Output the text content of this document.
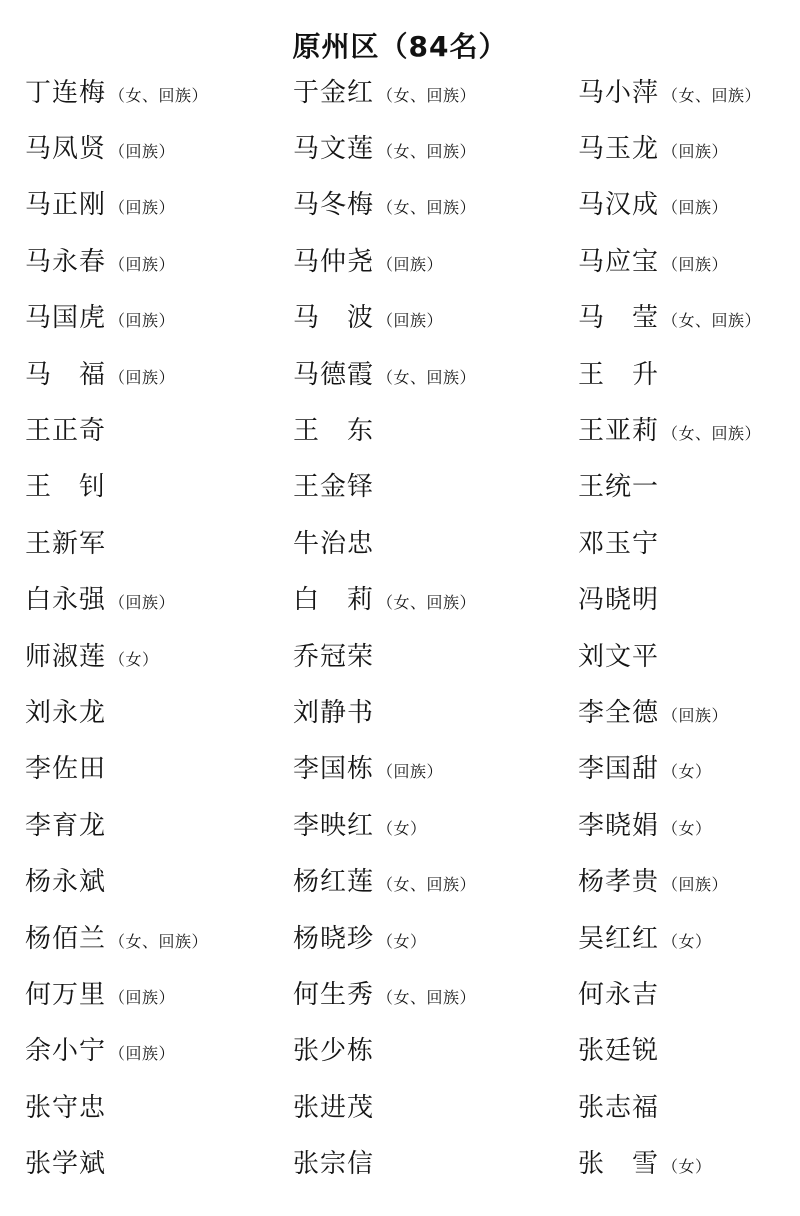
原州区（84名）
丁连梅 （女、回族）	于金红 （女、回族）	马小萍 （女、回族）
马凤贤 （回族）	马文莲 （女、回族）	马玉龙 （回族）
马正刚 （回族）	马冬梅 （女、回族）	马汉成 （回族）
马永春 （回族）	马仲尧 （回族）	马应宝 （回族）
马国虎 （回族）	马　波 （回族）	马　莹 （女、回族）
马　福 （回族）	马德霞 （女、回族）	王　升
王正奇	王　东	王亚莉 （女、回族）
王　钊	王金铎	王统一
王新军	牛治忠	邓玉宁
白永强 （回族）	白　莉 （女、回族）	冯晓明
师淑莲 （女）	乔冠荣	刘文平
刘永龙	刘静书	李全德 （回族）
李佐田	李国栋 （回族）	李国甜 （女）
李育龙	李映红 （女）	李晓娟 （女）
杨永斌	杨红莲 （女、回族）	杨孝贵 （回族）
杨佰兰 （女、回族）	杨晓珍 （女）	吴红红 （女）
何万里 （回族）	何生秀 （女、回族）	何永吉
余小宁 （回族）	张少栋	张廷锐
张守忠	张进茂	张志福
张学斌	张宗信	张　雪 （女）
